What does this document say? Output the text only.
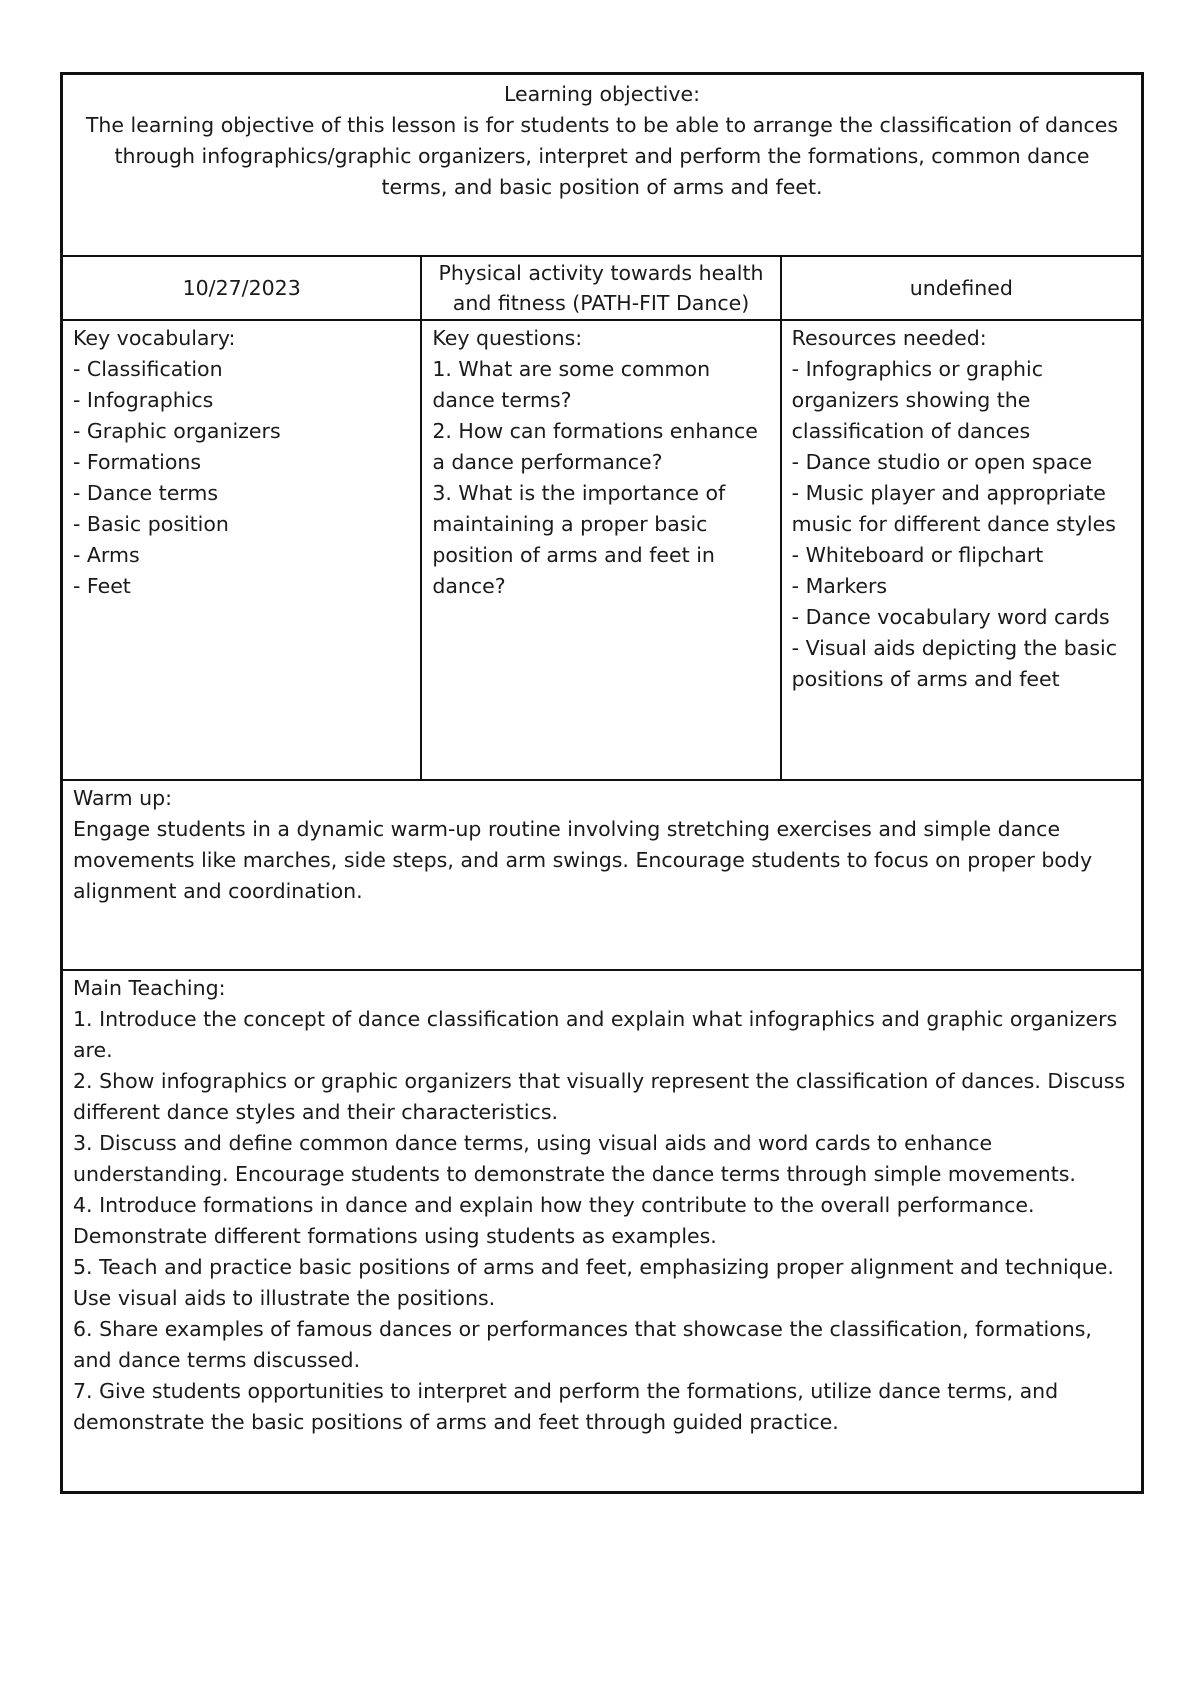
Learning objective:
The learning objective of this lesson is for students to be able to arrange the classification of dances through infographics/graphic organizers, interpret and perform the formations, common dance terms, and basic position of arms and feet.
10/27/2023
Physical activity towards health and fitness (PATH-FIT Dance)
undefined
Key vocabulary:
- Classification
- Infographics
- Graphic organizers
- Formations
- Dance terms
- Basic position
- Arms
- Feet
Key questions:
1. What are some common dance terms?
2. How can formations enhance a dance performance?
3. What is the importance of maintaining a proper basic position of arms and feet in dance?
Resources needed:
- Infographics or graphic organizers showing the classification of dances
- Dance studio or open space
- Music player and appropriate music for different dance styles
- Whiteboard or flipchart
- Markers
- Dance vocabulary word cards
- Visual aids depicting the basic positions of arms and feet
Warm up:
Engage students in a dynamic warm-up routine involving stretching exercises and simple dance movements like marches, side steps, and arm swings. Encourage students to focus on proper body alignment and coordination.
Main Teaching:
1. Introduce the concept of dance classification and explain what infographics and graphic organizers are.
2. Show infographics or graphic organizers that visually represent the classification of dances. Discuss different dance styles and their characteristics.
3. Discuss and define common dance terms, using visual aids and word cards to enhance understanding. Encourage students to demonstrate the dance terms through simple movements.
4. Introduce formations in dance and explain how they contribute to the overall performance. Demonstrate different formations using students as examples.
5. Teach and practice basic positions of arms and feet, emphasizing proper alignment and technique. Use visual aids to illustrate the positions.
6. Share examples of famous dances or performances that showcase the classification, formations, and dance terms discussed.
7. Give students opportunities to interpret and perform the formations, utilize dance terms, and demonstrate the basic positions of arms and feet through guided practice.
